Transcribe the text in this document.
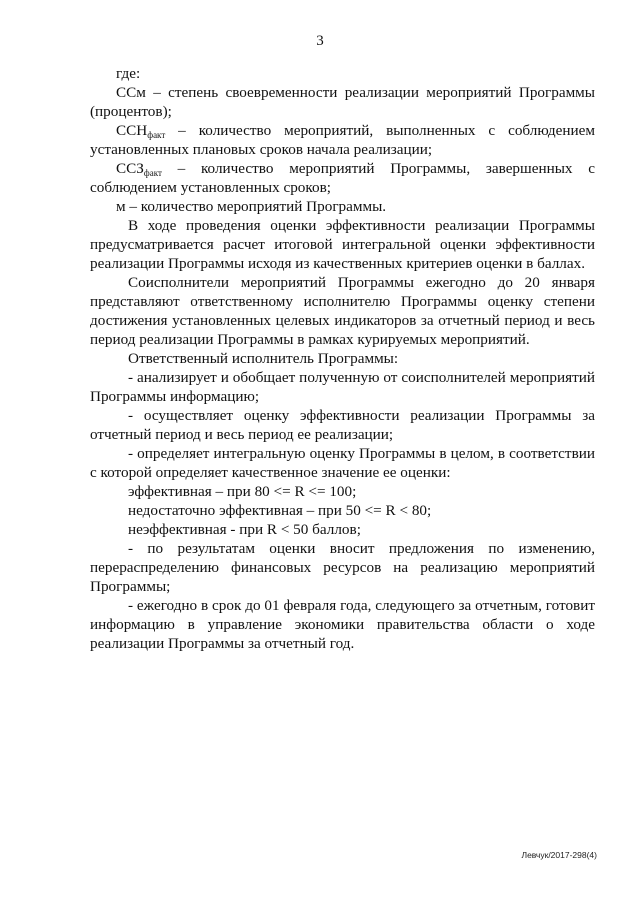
3

где:

ССм – степень своевременности реализации мероприятий Программы (процентов);

$ССН_{факт}$ – количество мероприятий, выполненных с соблюдением установленных плановых сроков начала реализации;

$ССЗ_{факт}$ – количество мероприятий Программы, завершенных с соблюдением установленных сроков;

м – количество мероприятий Программы.

В ходе проведения оценки эффективности реализации Программы предусматривается расчет итоговой интегральной оценки эффективности реализации Программы исходя из качественных критериев оценки в баллах.

Соисполнители мероприятий Программы ежегодно до 20 января представляют ответственному исполнителю Программы оценку степени достижения установленных целевых индикаторов за отчетный период и весь период реализации Программы в рамках курируемых мероприятий.

Ответственный исполнитель Программы:

- анализирует и обобщает полученную от соисполнителей мероприятий Программы информацию;

- осуществляет оценку эффективности реализации Программы за отчетный период и весь период ее реализации;

- определяет интегральную оценку Программы в целом, в соответствии с которой определяет качественное значение ее оценки:

эффективная – при 80 <= R <= 100;

недостаточно эффективная – при 50 <= R < 80;

неэффективная - при R < 50 баллов;

- по результатам оценки вносит предложения по изменению, перераспределению финансовых ресурсов на реализацию мероприятий Программы;

- ежегодно в срок до 01 февраля года, следующего за отчетным, готовит информацию в управление экономики правительства области о ходе реализации Программы за отчетный год.

Левчук/2017-298(4)
